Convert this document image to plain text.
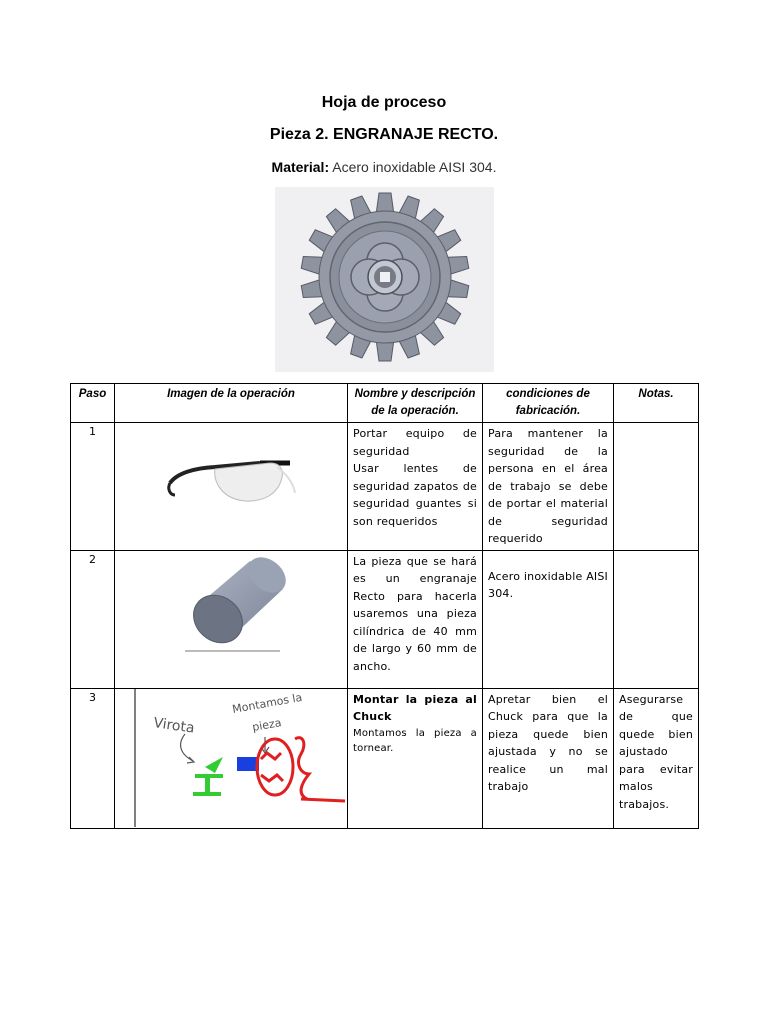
Hoja de proceso
Pieza 2. ENGRANAJE RECTO.
Material: Acero inoxidable AISI 304.
Paso	Imagen de la operación	Nombre y descripción de la operación.	condiciones de fabricación.	Notas.
1		Portar equipo de seguridad
Usar lentes de seguridad zapatos de seguridad guantes si son requeridos	Para mantener la seguridad de la persona en el área de trabajo se debe de portar el material de seguridad requerido	
2		La pieza que se hará es un engranaje Recto para hacerla usaremos una pieza cilíndrica de 40 mm de largo y 60 mm de ancho.	Acero inoxidable AISI 304.	
3	Virota
Montamos la
pieza	Montar la pieza al Chuck
Montamos la pieza a tornear.	Apretar bien el Chuck para que la pieza quede bien ajustada y no se realice un mal trabajo	Asegurarse de que quede bien ajustado para evitar malos trabajos.
